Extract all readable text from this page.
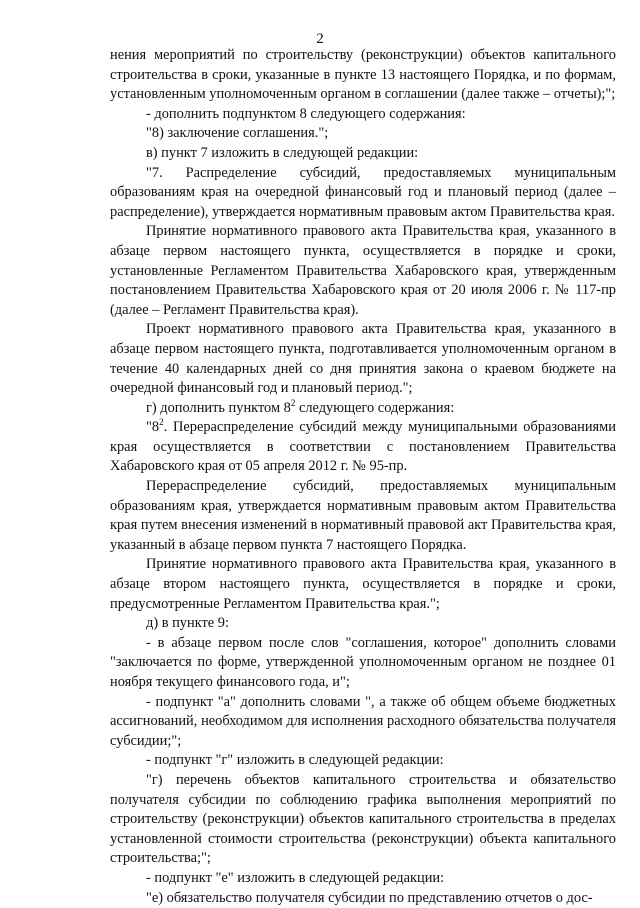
2

нения мероприятий по строительству (реконструкции) объектов капитального строительства в сроки, указанные в пункте 13 настоящего Порядка, и по формам, установленным уполномоченным органом в соглашении (далее также – отчеты);";

- дополнить подпунктом 8 следующего содержания:

"8) заключение соглашения.";

в) пункт 7 изложить в следующей редакции:

"7. Распределение субсидий, предоставляемых муниципальным образованиям края на очередной финансовый год и плановый период (далее – распределение), утверждается нормативным правовым актом Правительства края.

Принятие нормативного правового акта Правительства края, указанного в абзаце первом настоящего пункта, осуществляется в порядке и сроки, установленные Регламентом Правительства Хабаровского края, утвержденным постановлением Правительства Хабаровского края от 20 июля 2006 г. № 117-пр (далее – Регламент Правительства края).

Проект нормативного правового акта Правительства края, указанного в абзаце первом настоящего пункта, подготавливается уполномоченным органом в течение 40 календарных дней со дня принятия закона о краевом бюджете на очередной финансовый год и плановый период.";

г) дополнить пунктом $8^2$ следующего содержания:

"$8^2$. Перераспределение субсидий между муниципальными образованиями края осуществляется в соответствии с постановлением Правительства Хабаровского края от 05 апреля 2012 г. № 95-пр.

Перераспределение субсидий, предоставляемых муниципальным образованиям края, утверждается нормативным правовым актом Правительства края путем внесения изменений в нормативный правовой акт Правительства края, указанный в абзаце первом пункта 7 настоящего Порядка.

Принятие нормативного правового акта Правительства края, указанного в абзаце втором настоящего пункта, осуществляется в порядке и сроки, предусмотренные Регламентом Правительства края.";

д) в пункте 9:

- в абзаце первом после слов "соглашения, которое" дополнить словами "заключается по форме, утвержденной уполномоченным органом не позднее 01 ноября текущего финансового года, и";

- подпункт "а" дополнить словами ", а также об общем объеме бюджетных ассигнований, необходимом для исполнения расходного обязательства получателя субсидии;";

- подпункт "г" изложить в следующей редакции:

"г) перечень объектов капитального строительства и обязательство получателя субсидии по соблюдению графика выполнения мероприятий по строительству (реконструкции) объектов капитального строительства в пределах установленной стоимости строительства (реконструкции) объекта капитального строительства;";

- подпункт "е" изложить в следующей редакции:

"е) обязательство получателя субсидии по представлению отчетов о дос-
